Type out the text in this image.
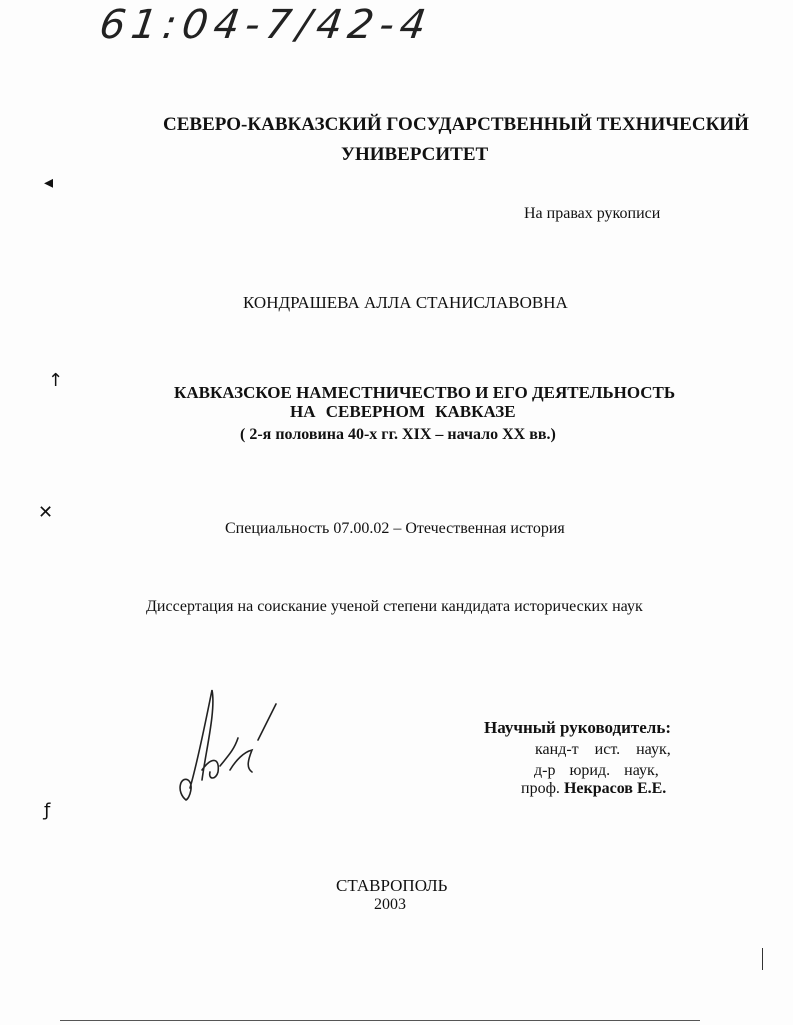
61:04-7/42-4
СЕВЕРО-КАВКАЗСКИЙ ГОСУДАРСТВЕННЫЙ ТЕХНИЧЕСКИЙ
УНИВЕРСИТЕТ
На правах рукописи
КОНДРАШЕВА АЛЛА СТАНИСЛАВОВНА
КАВКАЗСКОЕ НАМЕСТНИЧЕСТВО И ЕГО ДЕЯТЕЛЬНОСТЬ
НА СЕВЕРНОМ КАВКАЗЕ
( 2-я половина 40-х гг. XIX – начало XX вв.)
Специальность 07.00.02 – Отечественная история
Диссертация на соискание ученой степени кандидата исторических наук
Научный руководитель:
канд-т ист. наук,
д-р юрид. наук,
проф. Некрасов Е.Е.
СТАВРОПОЛЬ
2003
◂
↑
✕
ƒ
